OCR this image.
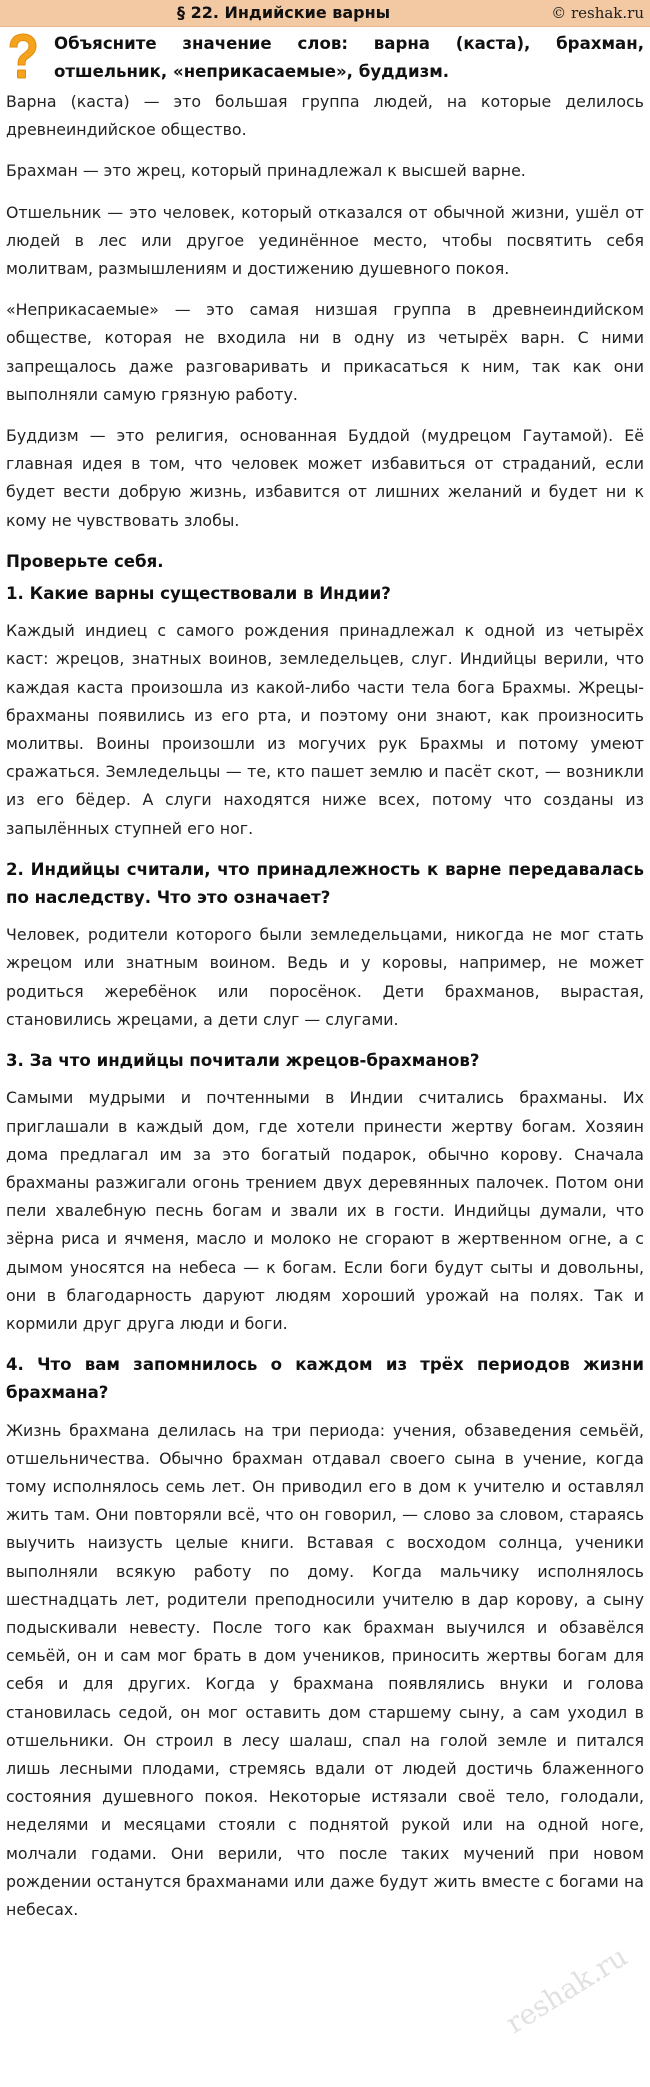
§ 22. Индийские варны	© reshak.ru
Объясните значение слов: варна (каста), брахман, отшельник, «неприкасаемые», буддизм.

Варна (каста) — это большая группа людей, на которые делилось древнеиндийское общество.

Брахман — это жрец, который принадлежал к высшей варне.

Отшельник — это человек, который отказался от обычной жизни, ушёл от людей в лес или другое уединённое место, чтобы посвятить себя молитвам, размышлениям и достижению душевного покоя.

«Неприкасаемые» — это самая низшая группа в древнеиндийском обществе, которая не входила ни в одну из четырёх варн. С ними запрещалось даже разговаривать и прикасаться к ним, так как они выполняли самую грязную работу.

Буддизм — это религия, основанная Буддой (мудрецом Гаутамой). Её главная идея в том, что человек может избавиться от страданий, если будет вести добрую жизнь, избавится от лишних желаний и будет ни к кому не чувствовать злобы.

Проверьте себя.
1. Какие варны существовали в Индии?

Каждый индиец с самого рождения принадлежал к одной из четырёх каст: жрецов, знатных воинов, земледельцев, слуг. Индийцы верили, что каждая каста произошла из какой-либо части тела бога Брахмы. Жрецы-брахманы появились из его рта, и поэтому они знают, как произносить молитвы. Воины произошли из могучих рук Брахмы и потому умеют сражаться. Земледельцы — те, кто пашет землю и пасёт скот, — возникли из его бёдер. А слуги находятся ниже всех, потому что созданы из запылённых ступней его ног.

2. Индийцы считали, что принадлежность к варне передавалась по наследству. Что это означает?

Человек, родители которого были земледельцами, никогда не мог стать жрецом или знатным воином. Ведь и у коровы, например, не может родиться жеребёнок или поросёнок. Дети брахманов, вырастая, становились жрецами, а дети слуг — слугами.

3. За что индийцы почитали жрецов-брахманов?

Самыми мудрыми и почтенными в Индии считались брахманы. Их приглашали в каждый дом, где хотели принести жертву богам. Хозяин дома предлагал им за это богатый подарок, обычно корову. Сначала брахманы разжигали огонь трением двух деревянных палочек. Потом они пели хвалебную песнь богам и звали их в гости. Индийцы думали, что зёрна риса и ячменя, масло и молоко не сгорают в жертвенном огне, а с дымом уносятся на небеса — к богам. Если боги будут сыты и довольны, они в благодарность даруют людям хороший урожай на полях. Так и кормили друг друга люди и боги.

4. Что вам запомнилось о каждом из трёх периодов жизни брахмана?

Жизнь брахмана делилась на три периода: учения, обзаведения семьёй, отшельничества. Обычно брахман отдавал своего сына в учение, когда тому исполнялось семь лет. Он приводил его в дом к учителю и оставлял жить там. Они повторяли всё, что он говорил, — слово за словом, стараясь выучить наизусть целые книги. Вставая с восходом солнца, ученики выполняли всякую работу по дому. Когда мальчику исполнялось шестнадцать лет, родители преподносили учителю в дар корову, а сыну подыскивали невесту. После того как брахман выучился и обзавёлся семьёй, он и сам мог брать в дом учеников, приносить жертвы богам для себя и для других. Когда у брахмана появлялись внуки и голова становилась седой, он мог оставить дом старшему сыну, а сам уходил в отшельники. Он строил в лесу шалаш, спал на голой земле и питался лишь лесными плодами, стремясь вдали от людей достичь блаженного состояния душевного покоя. Некоторые истязали своё тело, голодали, неделями и месяцами стояли с поднятой рукой или на одной ноге, молчали годами. Они верили, что после таких мучений при новом рождении останутся брахманами или даже будут жить вместе с богами на небесах.

reshak.ru
